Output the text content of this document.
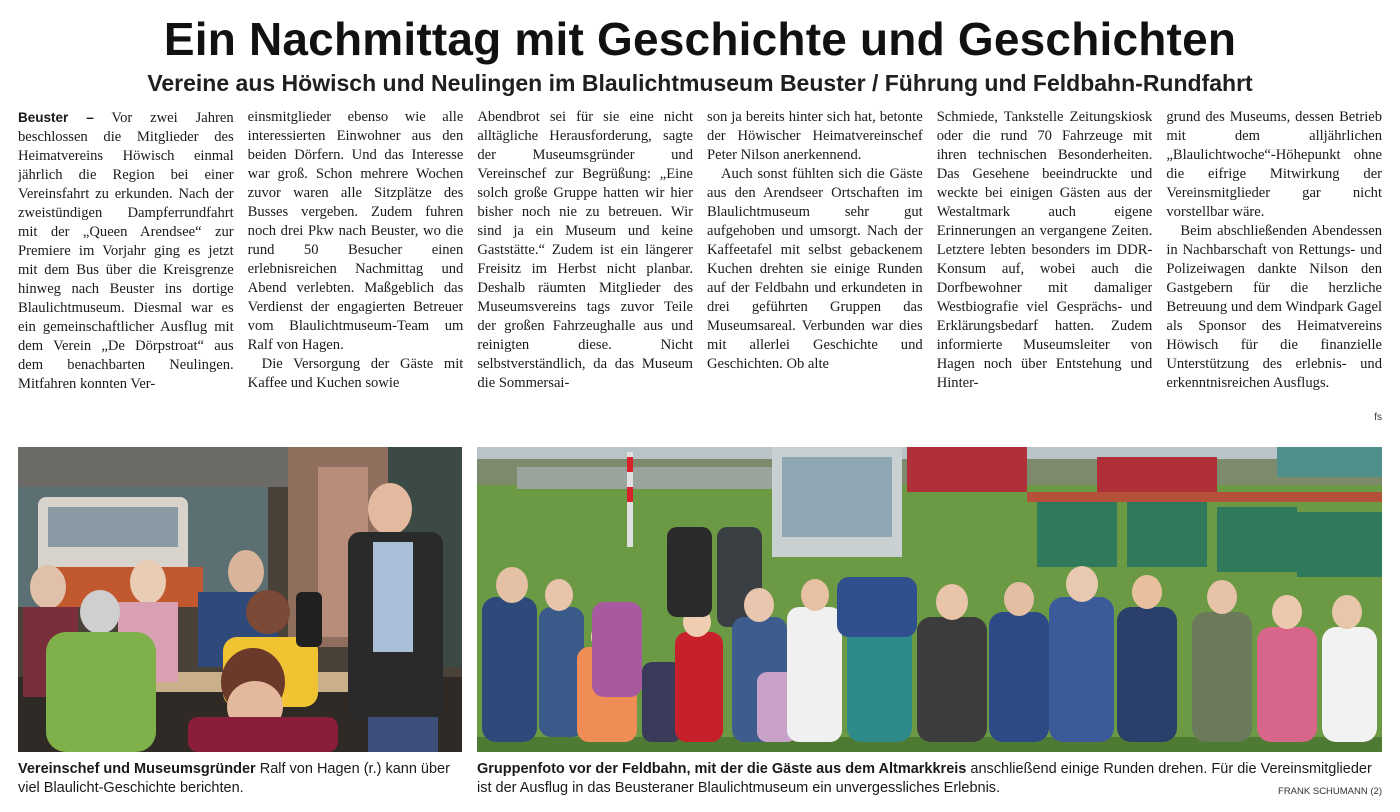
Ein Nachmittag mit Geschichte und Geschichten
Vereine aus Höwisch und Neulingen im Blaulichtmuseum Beuster / Führung und Feldbahn-Rundfahrt

Beuster – Vor zwei Jahren beschlossen die Mitglieder des Heimatvereins Höwisch einmal jährlich die Region bei einer Vereinsfahrt zu erkunden. Nach der zweistündigen Dampferrundfahrt mit der „Queen Arendsee“ zur Premiere im Vorjahr ging es jetzt mit dem Bus über die Kreisgrenze hinweg nach Beuster ins dortige Blaulichtmuseum. Diesmal war es ein gemeinschaftlicher Ausflug mit dem Verein „De Dörpstroat“ aus dem benachbarten Neulingen. Mitfahren konnten Ver-

einsmitglieder ebenso wie alle interessierten Einwohner aus den beiden Dörfern. Und das Interesse war groß. Schon mehrere Wochen zuvor waren alle Sitzplätze des Busses vergeben. Zudem fuhren noch drei Pkw nach Beuster, wo die rund 50 Besucher einen erlebnisreichen Nachmittag und Abend verlebten. Maßgeblich das Verdienst der engagierten Betreuer vom Blaulichtmuseum-Team um Ralf von Hagen.

Die Versorgung der Gäste mit Kaffee und Kuchen sowie

Abendbrot sei für sie eine nicht alltägliche Herausforderung, sagte der Museumsgründer und Vereinschef zur Begrüßung: „Eine solch große Gruppe hatten wir hier bisher noch nie zu betreuen. Wir sind ja ein Museum und keine Gaststätte.“ Zudem ist ein längerer Freisitz im Herbst nicht planbar. Deshalb räumten Mitglieder des Museumsvereins tags zuvor Teile der großen Fahrzeughalle aus und reinigten diese. Nicht selbstverständlich, da das Museum die Sommersai-

son ja bereits hinter sich hat, betonte der Höwischer Heimatvereinschef Peter Nilson anerkennend.

Auch sonst fühlten sich die Gäste aus den Arendseer Ortschaften im Blaulichtmuseum sehr gut aufgehoben und umsorgt. Nach der Kaffeetafel mit selbst gebackenem Kuchen drehten sie einige Runden auf der Feldbahn und erkundeten in drei geführten Gruppen das Museumsareal. Verbunden war dies mit allerlei Geschichte und Geschichten. Ob alte

Schmiede, Tankstelle Zeitungskiosk oder die rund 70 Fahrzeuge mit ihren technischen Besonderheiten. Das Gesehene beeindruckte und weckte bei einigen Gästen aus der Westaltmark auch eigene Erinnerungen an vergangene Zeiten. Letztere lebten besonders im DDR-Konsum auf, wobei auch die Dorfbewohner mit damaliger Westbiografie viel Gesprächs- und Erklärungsbedarf hatten. Zudem informierte Museumsleiter von Hagen noch über Entstehung und Hinter-

grund des Museums, dessen Betrieb mit dem alljährlichen „Blaulichtwoche“-Höhepunkt ohne die eifrige Mitwirkung der Vereinsmitglieder gar nicht vorstellbar wäre.

Beim abschließenden Abendessen in Nachbarschaft von Rettungs- und Polizeiwagen dankte Nilson den Gastgebern für die herzliche Betreuung und dem Windpark Gagel als Sponsor des Heimatvereins Höwisch für die finanzielle Unterstützung des erlebnis- und erkenntnisreichen Ausflugs.

fs
Vereinschef und Museumsgründer Ralf von Hagen (r.) kann über viel Blaulicht-Geschichte berichten.
Gruppenfoto vor der Feldbahn, mit der die Gäste aus dem Altmarkkreis anschließend einige Runden drehen. Für die Vereinsmitglieder ist der Ausflug in das Beusteraner Blaulichtmuseum ein unvergessliches Erlebnis.	FRANK SCHUMANN (2)
